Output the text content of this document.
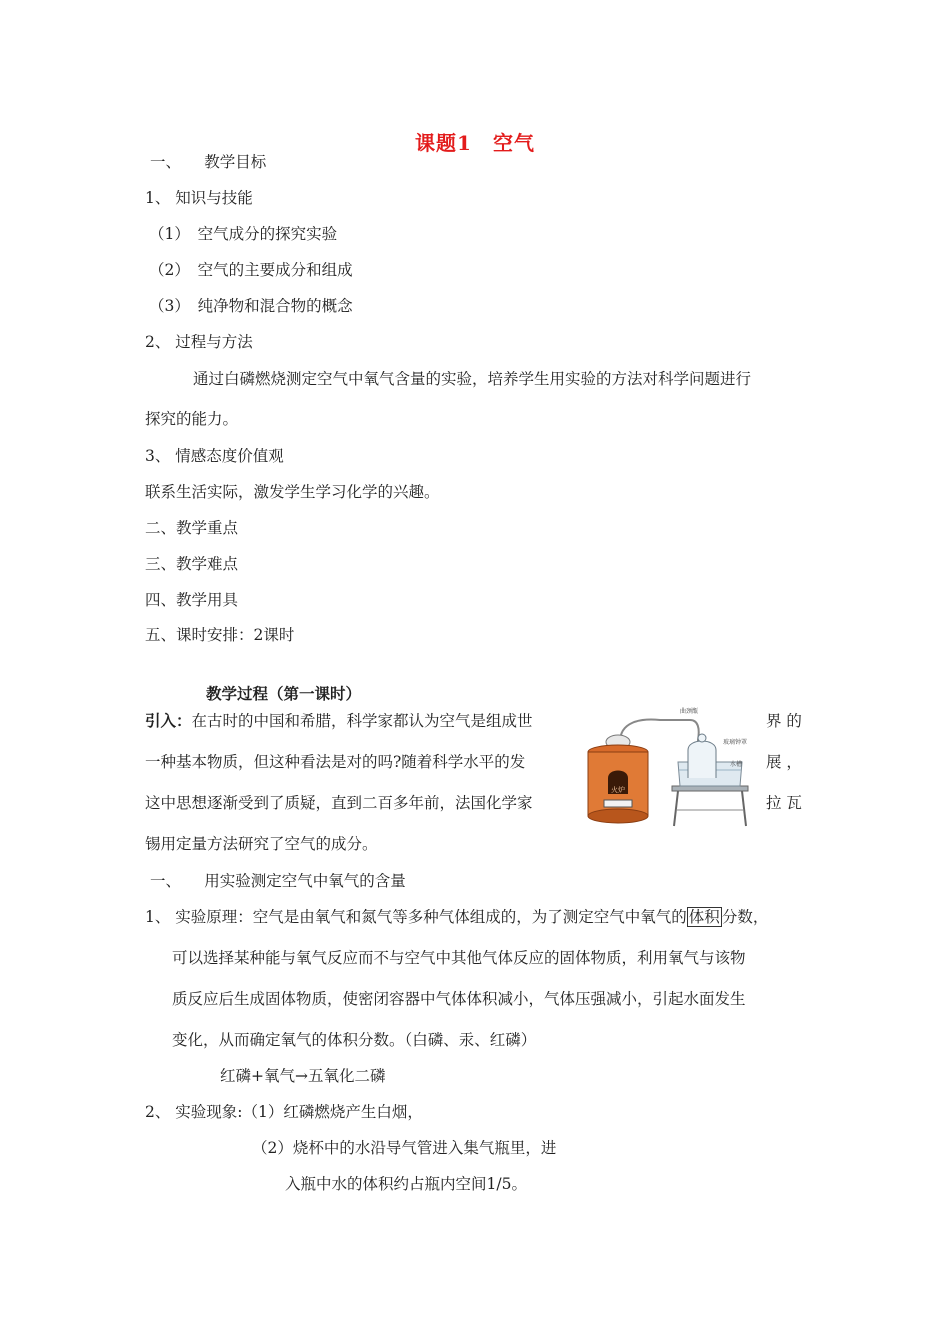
课题1　空气
一、　　教学目标
1、 知识与技能
（1）　空气成分的探究实验
（2）　空气的主要成分和组成
（3）　纯净物和混合物的概念
2、 过程与方法
通过白磷燃烧测定空气中氧气含量的实验，培养学生用实验的方法对科学问题进行
探究的能力。
3、 情感态度价值观
联系生活实际，激发学生学习化学的兴趣。
二、教学重点
三、教学难点
四、教学用具
五、课时安排：2课时
教学过程（第一课时）
引入：在古时的中国和希腊，科学家都认为空气是组成世	界 的
一种基本物质，但这种看法是对的吗?随着科学水平的发	展 ，
这中思想逐渐受到了质疑，直到二百多年前，法国化学家	拉 瓦
锡用定量方法研究了空气的成分。
火炉
曲颈甑
玻璃钟罩
水槽
一、　　用实验测定空气中氧气的含量
1、 实验原理：空气是由氧气和氮气等多种气体组成的，为了测定空气中氧气的 体积 分数，
可以选择某种能与氧气反应而不与空气中其他气体反应的固体物质，利用氧气与该物
质反应后生成固体物质，使密闭容器中气体体积减小，气体压强减小，引起水面发生
变化，从而确定氧气的体积分数。（白磷、汞、红磷）
红磷+氧气→五氧化二磷
2、 实验现象:（1）红磷燃烧产生白烟，
（2）烧杯中的水沿导气管进入集气瓶里，进
入瓶中水的体积约占瓶内空间1/5。
